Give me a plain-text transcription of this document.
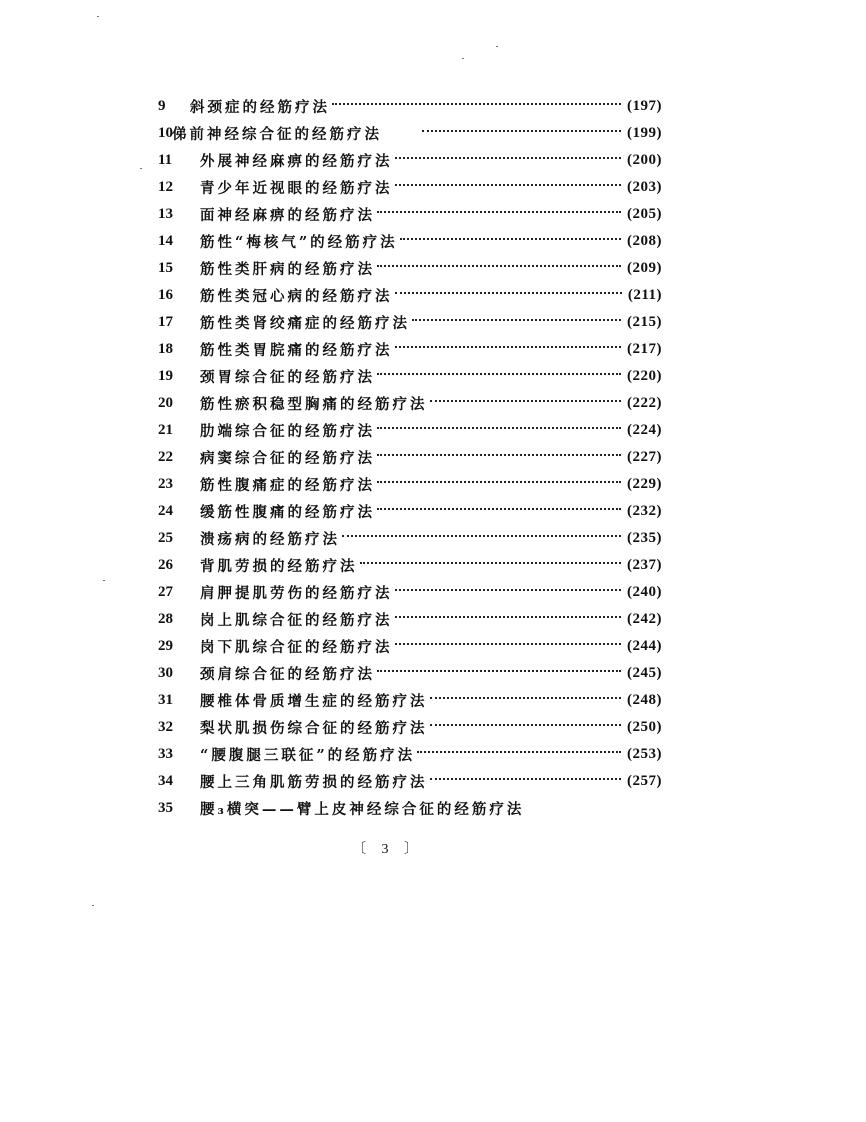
9	斜颈症的经筋疗法	(197)
10 俤前神经综合征的经筋疗法	(199)
11	外展神经麻痹的经筋疗法	(200)
12	青少年近视眼的经筋疗法	(203)
13	面神经麻痹的经筋疗法	(205)
14	筋性“梅核气”的经筋疗法	(208)
15	筋性类肝病的经筋疗法	(209)
16	筋性类冠心病的经筋疗法	(211)
17	筋性类肾绞痛症的经筋疗法	(215)
18	筋性类胃脘痛的经筋疗法	(217)
19	颈胃综合征的经筋疗法	(220)
20	筋性瘀积稳型胸痛的经筋疗法	(222)
21	肋端综合征的经筋疗法	(224)
22	病窦综合征的经筋疗法	(227)
23	筋性腹痛症的经筋疗法	(229)
24	缓筋性腹痛的经筋疗法	(232)
25	溃疡病的经筋疗法	(235)
26	背肌劳损的经筋疗法	(237)
27	肩胛提肌劳伤的经筋疗法	(240)
28	岗上肌综合征的经筋疗法	(242)
29	岗下肌综合征的经筋疗法	(244)
30	颈肩综合征的经筋疗法	(245)
31	腰椎体骨质增生症的经筋疗法	(248)
32	梨状肌损伤综合征的经筋疗法	(250)
33	“腰腹腿三联征”的经筋疗法	(253)
34	腰上三角肌筋劳损的经筋疗法	(257)
35	腰₃横突——臂上皮神经综合征的经筋疗法
〔 3 〕
